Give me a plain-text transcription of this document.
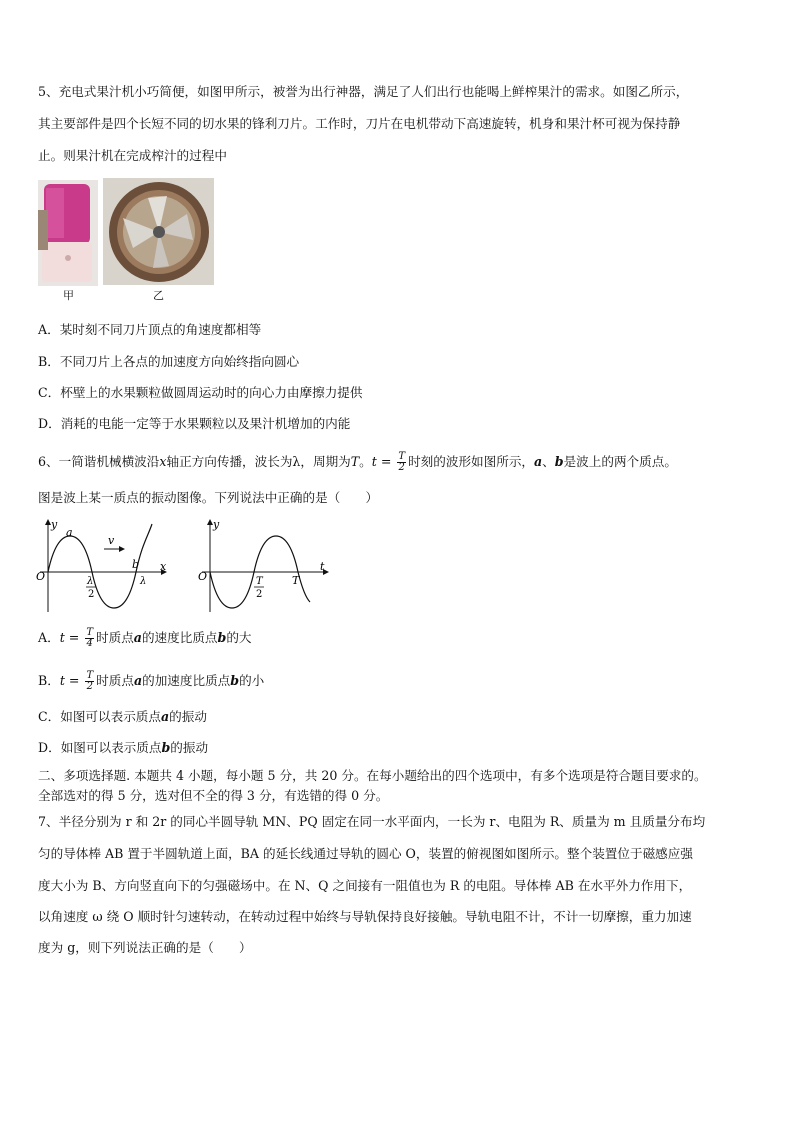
5、充电式果汁机小巧简便，如图甲所示，被誉为出行神器，满足了人们出行也能喝上鲜榨果汁的需求。如图乙所示，
其主要部件是四个长短不同的切水果的锋利刀片。工作时，刀片在电机带动下高速旋转，机身和果汁杯可视为保持静
止。则果汁机在完成榨汁的过程中
甲	乙
A．某时刻不同刀片顶点的角速度都相等
B．不同刀片上各点的加速度方向始终指向圆心
C．杯壁上的水果颗粒做圆周运动时的向心力由摩擦力提供
D．消耗的电能一定等于水果颗粒以及果汁机增加的内能
6、一简谐机械横波沿x轴正方向传播，波长为λ，周期为T。$t = \frac{T}{2}$ 时刻的波形如图所示，a、b是波上的两个质点。
图是波上某一质点的振动图像。下列说法中正确的是（　　）
y
x
O
a
b
v
λ
2
λ
y
t
O	T
2
T
A．$t = \frac{T}{4}$ 时质点a的速度比质点b的大
B．$t = \frac{T}{2}$ 时质点a的加速度比质点b的小
C．如图可以表示质点a的振动
D．如图可以表示质点b的振动
二、多项选择题. 本题共 4 小题，每小题 5 分，共 20 分。在每小题给出的四个选项中，有多个选项是符合题目要求的。
全部选对的得 5 分，选对但不全的得 3 分，有选错的得 0 分。
7、半径分别为 r 和 2r 的同心半圆导轨 MN、PQ 固定在同一水平面内，一长为 r、电阻为 R、质量为 m 且质量分布均
匀的导体棒 AB 置于半圆轨道上面，BA 的延长线通过导轨的圆心 O，装置的俯视图如图所示。整个装置位于磁感应强
度大小为 B、方向竖直向下的匀强磁场中。在 N、Q 之间接有一阻值也为 R 的电阻。导体棒 AB 在水平外力作用下，
以角速度 ω 绕 O 顺时针匀速转动，在转动过程中始终与导轨保持良好接触。导轨电阻不计，不计一切摩擦，重力加速
度为 g，则下列说法正确的是（　　）
